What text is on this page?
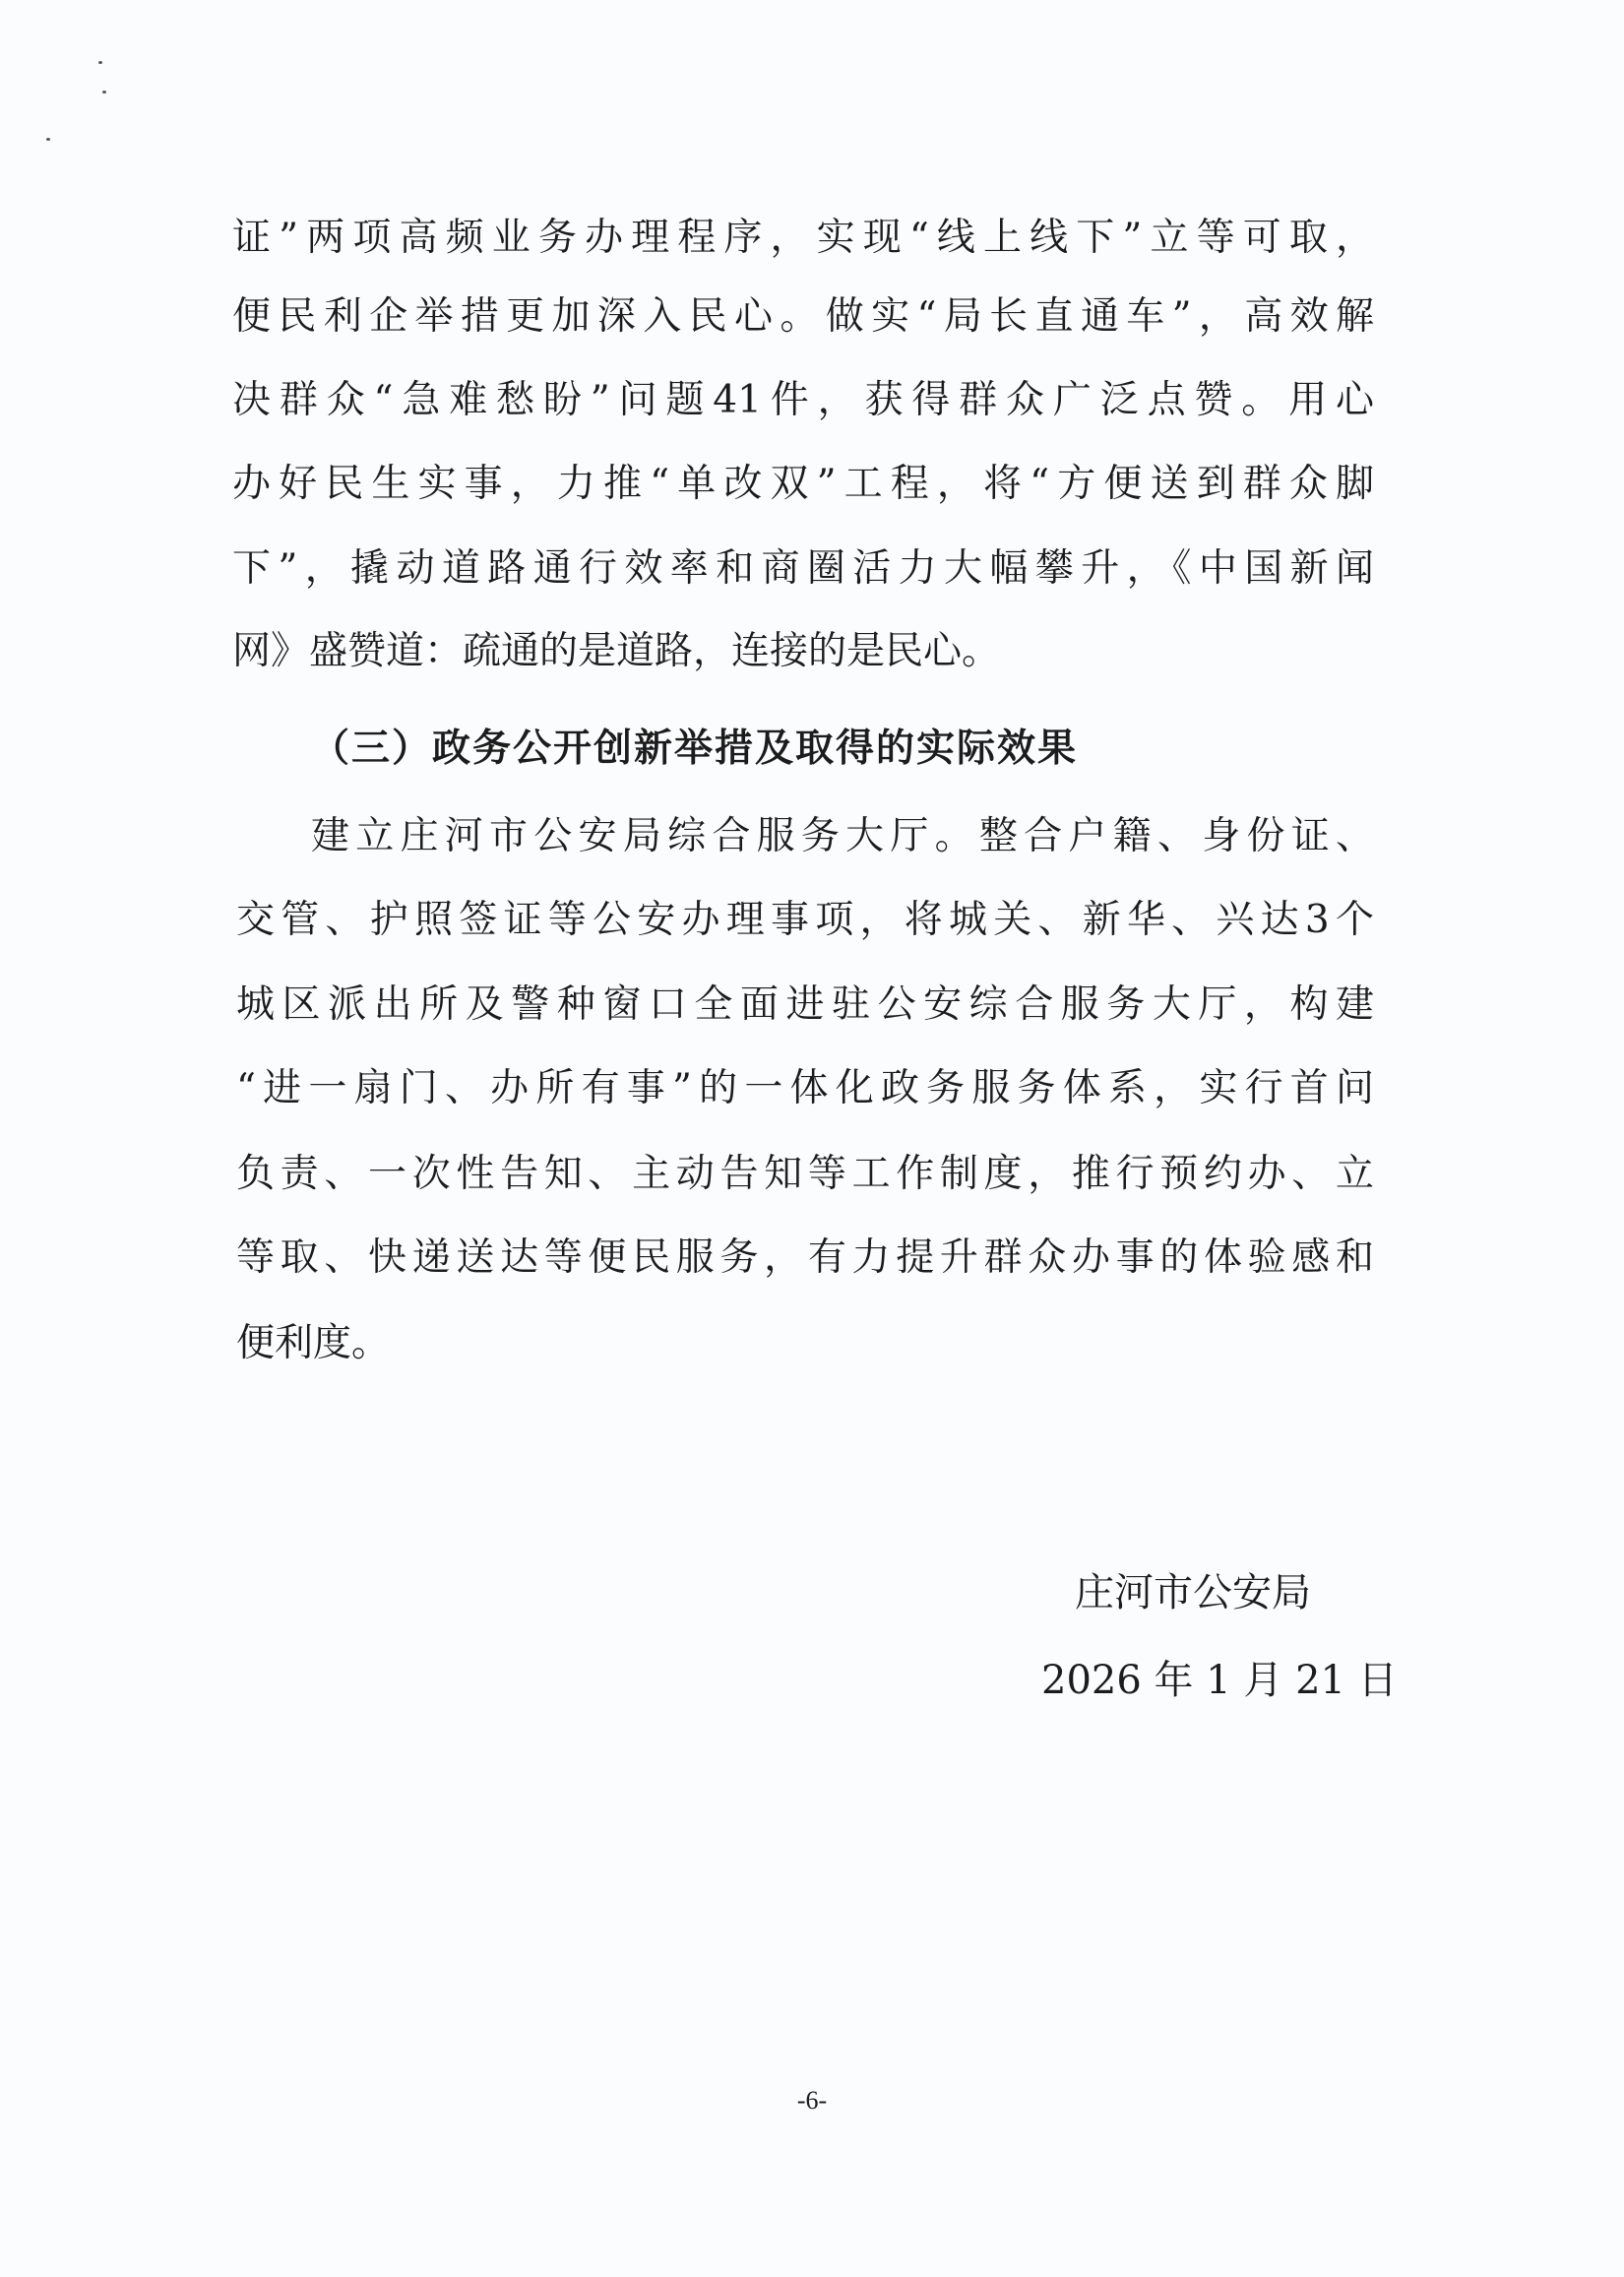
证”两项高频业务办理程序，实现“线上线下”立等可取，
便民利企举措更加深入民心。做实“局长直通车”，高效解
决群众“急难愁盼”问题41件，获得群众广泛点赞。用心
办好民生实事，力推“单改双”工程，将“方便送到群众脚
下”，撬动道路通行效率和商圈活力大幅攀升，《中国新闻
网》盛赞道：疏通的是道路，连接的是民心。
（三）政务公开创新举措及取得的实际效果
建立庄河市公安局综合服务大厅。整合户籍、身份证、
交管、护照签证等公安办理事项，将城关、新华、兴达3个
城区派出所及警种窗口全面进驻公安综合服务大厅，构建
“进一扇门、办所有事”的一体化政务服务体系，实行首问
负责、一次性告知、主动告知等工作制度，推行预约办、立
等取、快递送达等便民服务，有力提升群众办事的体验感和
便利度。
庄河市公安局
2026 年 1 月 21 日
-6-
